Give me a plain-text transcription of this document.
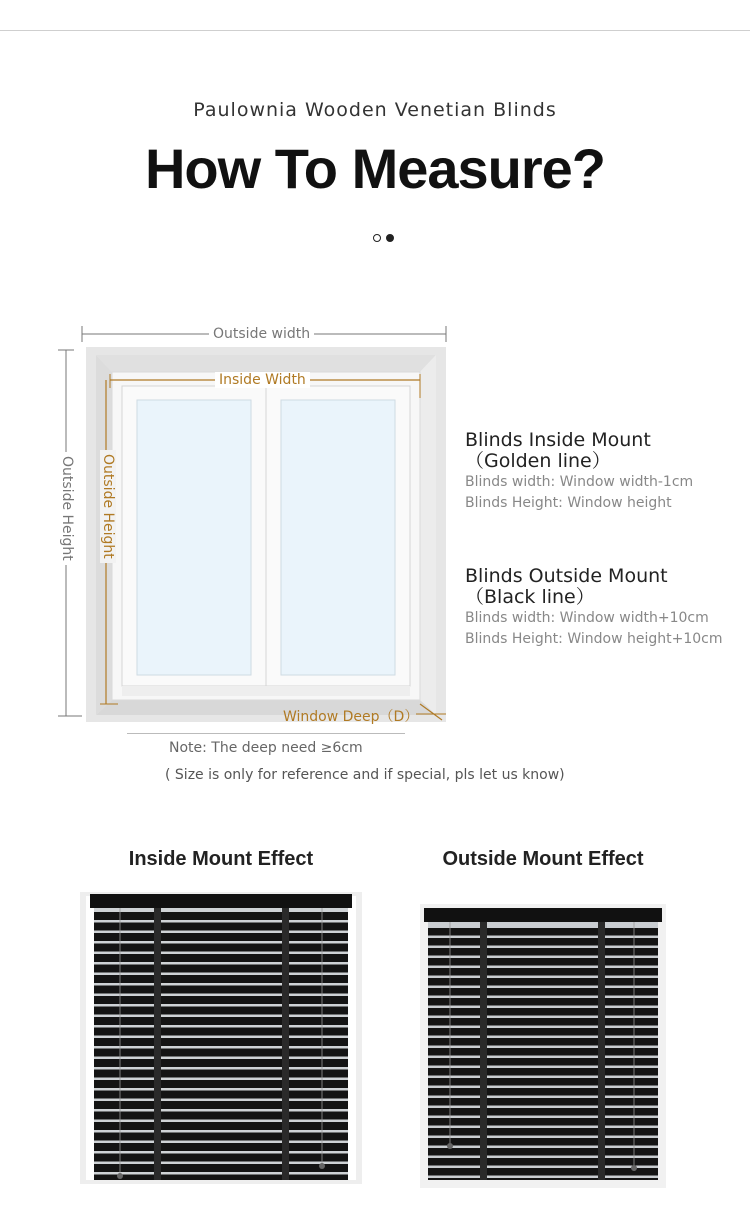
Paulownia Wooden Venetian Blinds
How To Measure?
Outside width
Inside Width
Outside Height Outside Height
Window Deep（D）
Blinds Inside Mount
（Golden line）
Blinds width: Window width-1cm
Blinds Height: Window height
Blinds Outside Mount
（Black line）
Blinds width: Window width+10cm
Blinds Height: Window height+10cm
Note: The deep need ≥6cm
( Size is only for reference and if special, pls let us know)
Inside Mount Effect	Outside Mount Effect
